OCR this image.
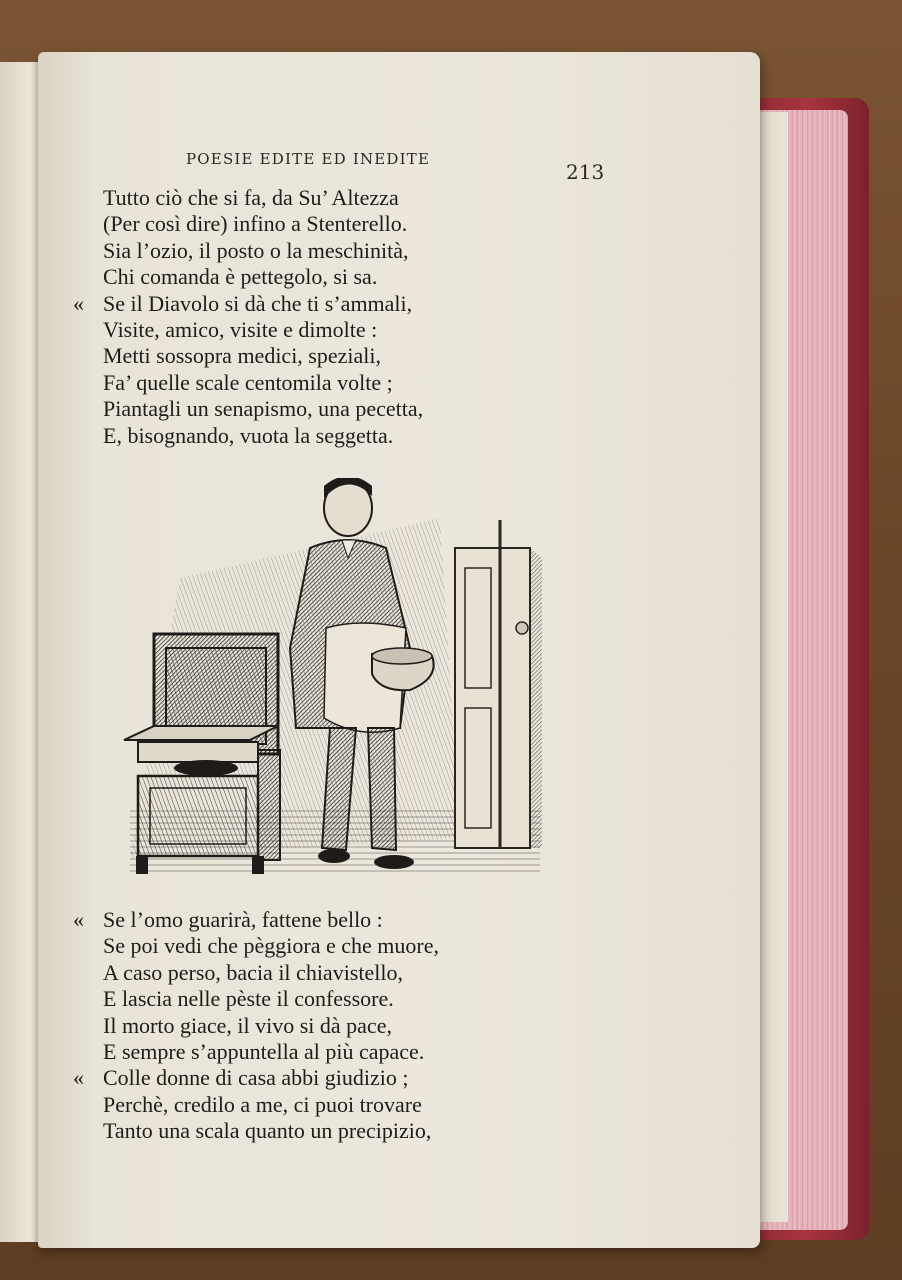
POESIE EDITE ED INEDITE
213
Tutto ciò che si fa, da Su’ Altezza
(Per così dire) infino a Stenterello.
Sia l’ozio, il posto o la meschinità,
Chi comanda è pettegolo, si sa.
« Se il Diavolo si dà che ti s’ammali,
Visite, amico, visite e dimolte :
Metti sossopra medici, speziali,
Fa’ quelle scale centomila volte ;
Piantagli un senapismo, una pecetta,
E, bisognando, vuota la seggetta.
« Se l’omo guarirà, fattene bello :
Se poi vedi che pèggiora e che muore,
A caso perso, bacia il chiavistello,
E lascia nelle pèste il confessore.
Il morto giace, il vivo si dà pace,
E sempre s’appuntella al più capace.
« Colle donne di casa abbi giudizio ;
Perchè, credilo a me, ci puoi trovare
Tanto una scala quanto un precipizio,
